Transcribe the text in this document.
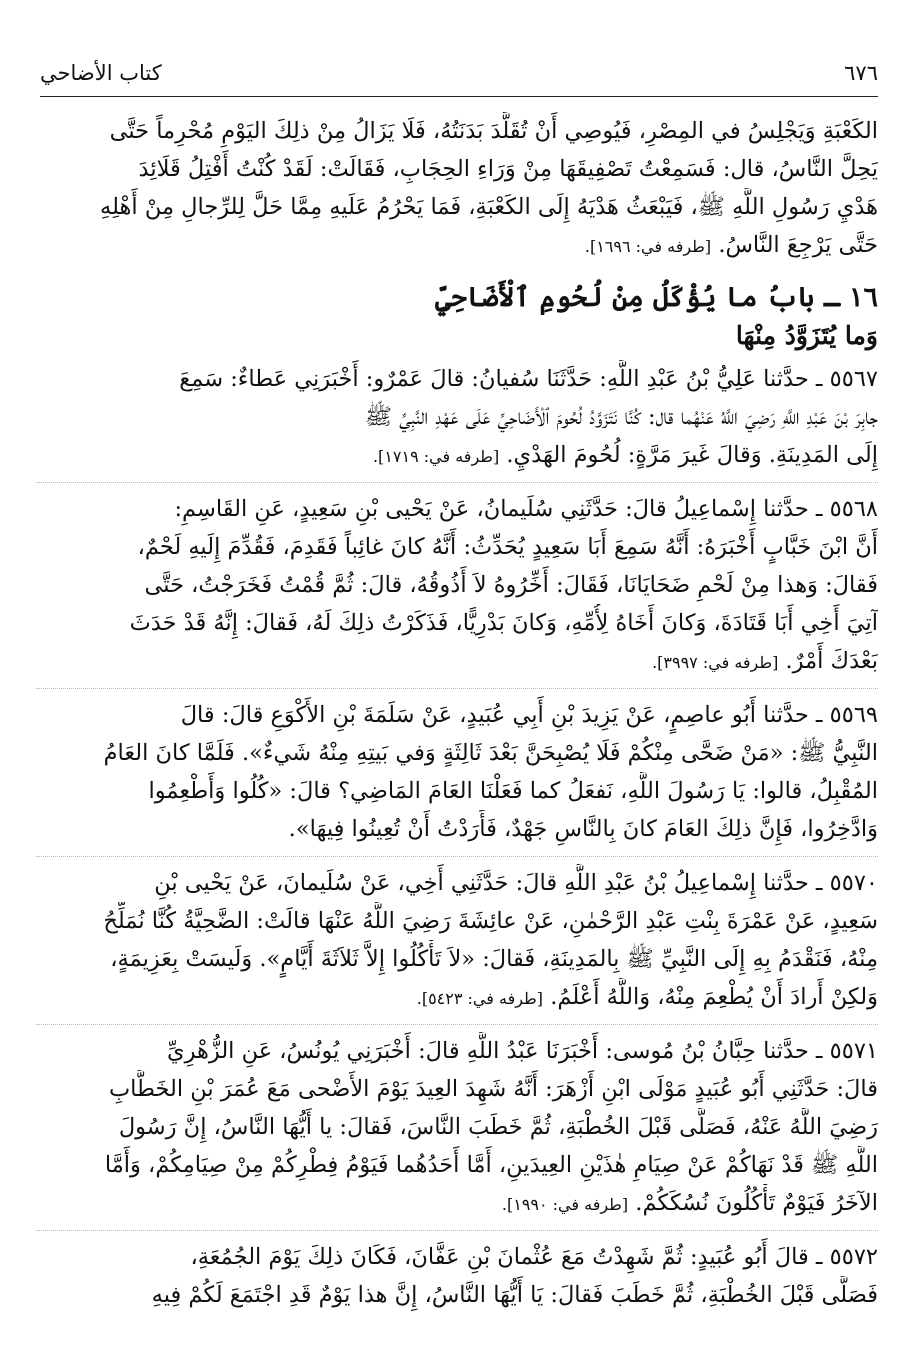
٦٧٦
كتاب الأضاحي
الكَعْبَةِ وَيَجْلِسُ في المِصْرِ، فَيُوصِي أَنْ تُقَلَّدَ بَدَنَتُهُ، فَلَا يَزَالُ مِنْ ذلِكَ اليَوْمِ مُحْرِماً حَتَّى
يَحِلَّ النَّاسُ، قال: فَسَمِعْتُ تَصْفِيقَهَا مِنْ وَرَاءِ الحِجَابِ، فَقَالَتْ: لَقَدْ كُنْتُ أَفْتِلُ قَلَائِدَ
هَدْيِ رَسُولِ اللَّهِ ﷺ، فَيَبْعَثُ هَدْيَهُ إِلَى الكَعْبَةِ، فَمَا يَحْرُمُ عَلَيهِ مِمَّا حَلَّ لِلرِّجالِ مِنْ أَهْلِهِ
حَتَّى يَرْجِعَ النَّاسُ. [طرفه في: ١٦٩٦].
١٦ ـ بابُ ما يُؤْكَلُ مِنْ لُحُومِ ٱلْأَضَاحِيِّ
وَما يُتَزَوَّدُ مِنْهَا
٥٥٦٧ ـ حدَّثنا عَلِيُّ بْنُ عَبْدِ اللَّهِ: حَدَّثَنَا سُفيانُ: قالَ عَمْرٌو: أَخْبَرَنِي عَطاءٌ: سَمِعَ
جابِرَ بْنَ عَبْدِ اللَّهِ رَضِيَ اللَّهُ عَنْهُما قال: كُنَّا نَتَزَوَّدُ لُحُومَ ٱلْأَضَاحِيِّ عَلَى عَهْدِ النَّبِيِّ ﷺ
إِلَى المَدِينَةِ. وَقالَ غَيرَ مَرَّةٍ: لُحُومَ الهَدْيِ. [طرفه في: ١٧١٩].
٥٥٦٨ ـ حدَّثنا إِسْماعِيلُ قالَ: حَدَّثَنِي سُلَيمانُ، عَنْ يَحْيى بْنِ سَعِيدٍ، عَنِ القَاسِمِ:
أَنَّ ابْنَ خَبَّابٍ أَخْبَرَهُ: أَنَّهُ سَمِعَ أَبَا سَعِيدٍ يُحَدِّثُ: أَنَّهُ كانَ غائِباً فَقَدِمَ، فَقُدِّمَ إِلَيهِ لَحْمٌ،
فَقالَ: وَهذا مِنْ لَحْمِ ضَحَايَانَا، فَقَالَ: أَخِّرُوهُ لاَ أَذُوقُهُ، قالَ: ثُمَّ قُمْتُ فَخَرَجْتُ، حَتَّى
آتِيَ أَخِي أَبَا قَتَادَةَ، وَكانَ أَخَاهُ لِأُمِّهِ، وَكانَ بَدْرِيًّا، فَذَكَرْتُ ذلِكَ لَهُ، فَقالَ: إِنَّهُ قَدْ حَدَثَ
بَعْدَكَ أَمْرٌ. [طرفه في: ٣٩٩٧].
٥٥٦٩ ـ حدَّثنا أَبُو عاصِمٍ، عَنْ يَزِيدَ بْنِ أَبِي عُبَيدٍ، عَنْ سَلَمَةَ بْنِ الأَكْوَعِ قالَ: قالَ
النَّبِيُّ ﷺ: «مَنْ ضَحَّى مِنْكُمْ فَلَا يُصْبِحَنَّ بَعْدَ ثَالِثَةٍ وَفي بَيتِهِ مِنْهُ شَيءٌ». فَلَمَّا كانَ العَامُ
المُقْبِلُ، قالوا: يَا رَسُولَ اللَّهِ، نَفعَلُ كما فَعَلْنَا العَامَ المَاضِي؟ قالَ: «كُلُوا وَأَطْعِمُوا
وَادَّخِرُوا، فَإِنَّ ذلِكَ العَامَ كانَ بِالنَّاسِ جَهْدٌ، فَأَرَدْتُ أَنْ تُعِينُوا فِيهَا».
٥٥٧٠ ـ حدَّثنا إِسْماعِيلُ بْنُ عَبْدِ اللَّهِ قالَ: حَدَّثَنِي أَخِي، عَنْ سُلَيمانَ، عَنْ يَحْيى بْنِ
سَعِيدٍ، عَنْ عَمْرَةَ بِنْتِ عَبْدِ الرَّحْمٰنِ، عَنْ عائِشَةَ رَضِيَ اللَّهُ عَنْهَا قالَتْ: الضَّحِيَّةُ كُنَّا نُمَلِّحُ
مِنْهُ، فَنَقْدَمُ بِهِ إِلَى النَّبِيِّ ﷺ بِالمَدِينَةِ، فَقالَ: «لاَ تَأْكُلُوا إِلاَّ ثَلاَثَةَ أَيَّامٍ». وَلَيسَتْ بِعَزِيمَةٍ،
وَلكِنْ أَرادَ أَنْ يُطْعِمَ مِنْهُ، وَاللَّهُ أَعْلَمُ. [طرفه في: ٥٤٢٣].
٥٥٧١ ـ حدَّثنا حِبَّانُ بْنُ مُوسى: أَخْبَرَنَا عَبْدُ اللَّهِ قالَ: أَخْبَرَنِي يُونُسُ، عَنِ الزُّهْرِيِّ
قالَ: حَدَّثَنِي أَبُو عُبَيدٍ مَوْلَى ابْنِ أَزْهَرَ: أَنَّهُ شَهِدَ العِيدَ يَوْمَ الأَضْحى مَعَ عُمَرَ بْنِ الخَطَّابِ
رَضِيَ اللَّهُ عَنْهُ، فَصَلَّى قَبْلَ الخُطْبَةِ، ثُمَّ خَطَبَ النَّاسَ، فَقالَ: يا أَيُّهَا النَّاسُ، إِنَّ رَسُولَ
اللَّهِ ﷺ قَدْ نَهَاكُمْ عَنْ صِيَامِ هٰذَيْنِ العِيدَينِ، أَمَّا أَحَدُهُما فَيَوْمُ فِطْرِكُمْ مِنْ صِيَامِكُمْ، وَأَمَّا
الآخَرُ فَيَوْمٌ تَأْكُلُونَ نُسُكَكُمْ. [طرفه في: ١٩٩٠].
٥٥٧٢ ـ قالَ أَبُو عُبَيدٍ: ثُمَّ شَهِدْتُ مَعَ عُثْمانَ بْنِ عَفَّانَ، فَكَانَ ذلِكَ يَوْمَ الجُمُعَةِ،
فَصَلَّى قَبْلَ الخُطْبَةِ، ثُمَّ خَطَبَ فَقالَ: يَا أَيُّهَا النَّاسُ، إِنَّ هذا يَوْمٌ قَدِ اجْتَمَعَ لَكُمْ فِيهِ
